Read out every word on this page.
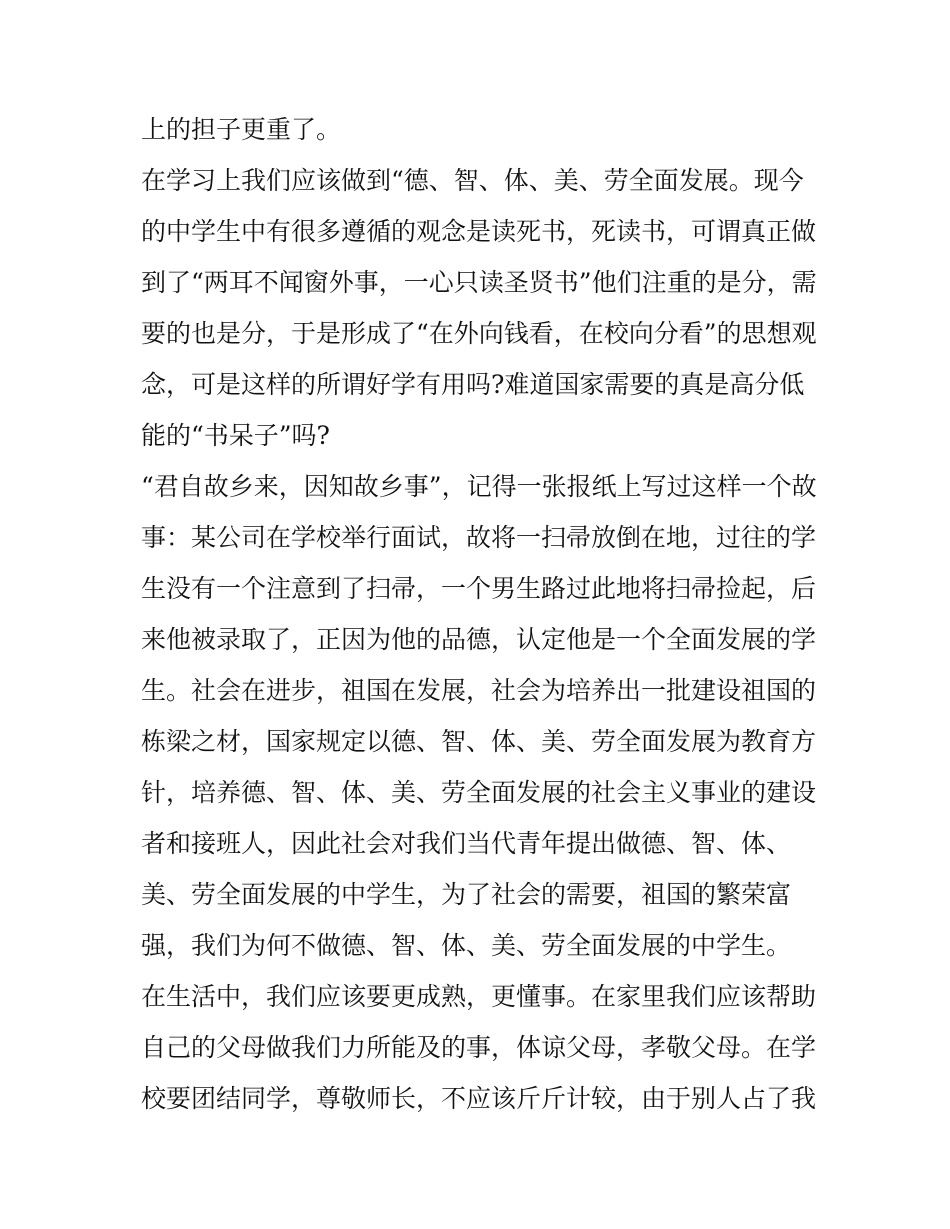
上的担子更重了。
在学习上我们应该做到“德、智、体、美、劳全面发展。现今
的中学生中有很多遵循的观念是读死书，死读书，可谓真正做
到了“两耳不闻窗外事，一心只读圣贤书”他们注重的是分，需
要的也是分，于是形成了“在外向钱看，在校向分看”的思想观
念，可是这样的所谓好学有用吗?难道国家需要的真是高分低
能的“书呆子”吗?
“君自故乡来，因知故乡事”，记得一张报纸上写过这样一个故
事：某公司在学校举行面试，故将一扫帚放倒在地，过往的学
生没有一个注意到了扫帚，一个男生路过此地将扫帚捡起，后
来他被录取了，正因为他的品德，认定他是一个全面发展的学
生。社会在进步，祖国在发展，社会为培养出一批建设祖国的
栋梁之材，国家规定以德、智、体、美、劳全面发展为教育方
针，培养德、智、体、美、劳全面发展的社会主义事业的建设
者和接班人，因此社会对我们当代青年提出做德、智、体、
美、劳全面发展的中学生，为了社会的需要，祖国的繁荣富
强，我们为何不做德、智、体、美、劳全面发展的中学生。
在生活中，我们应该要更成熟，更懂事。在家里我们应该帮助
自己的父母做我们力所能及的事，体谅父母，孝敬父母。在学
校要团结同学，尊敬师长，不应该斤斤计较，由于别人占了我
